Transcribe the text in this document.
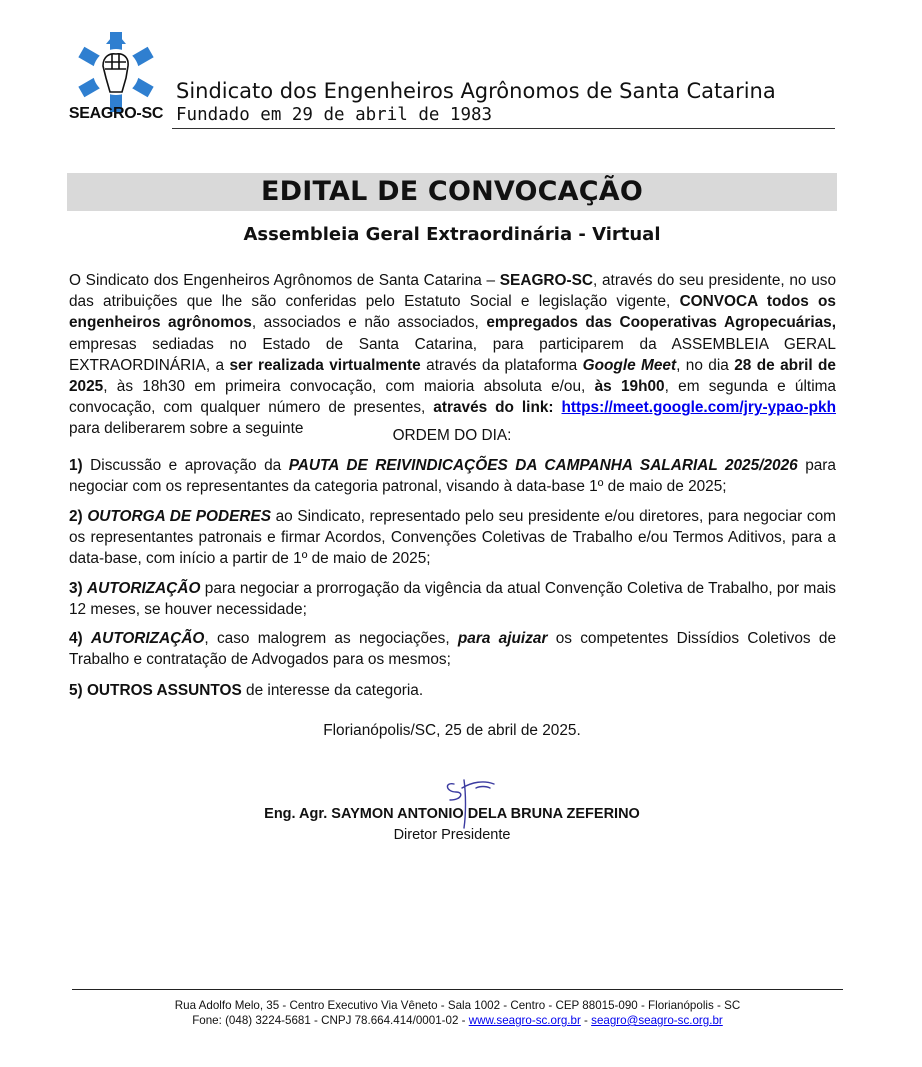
SEAGRO-SC
Sindicato dos Engenheiros Agrônomos de Santa Catarina
Fundado em 29 de abril de 1983
EDITAL DE CONVOCAÇÃO
Assembleia Geral Extraordinária - Virtual

O Sindicato dos Engenheiros Agrônomos de Santa Catarina – SEAGRO-SC, através do seu presidente, no uso das atribuições que lhe são conferidas pelo Estatuto Social e legislação vigente, CONVOCA todos os engenheiros agrônomos, associados e não associados, empregados das Cooperativas Agropecuárias, empresas sediadas no Estado de Santa Catarina, para participarem da ASSEMBLEIA GERAL EXTRAORDINÁRIA, a ser realizada virtualmente através da plataforma Google Meet, no dia 28 de abril de 2025, às 18h30 em primeira convocação, com maioria absoluta e/ou, às 19h00, em segunda e última convocação, com qualquer número de presentes, através do link: https://meet.google.com/jry-ypao-pkh para deliberarem sobre a seguinte	ORDEM DO DIA:

1) Discussão e aprovação da PAUTA DE REIVINDICAÇÕES DA CAMPANHA SALARIAL 2025/2026 para negociar com os representantes da categoria patronal, visando à data-base 1º de maio de 2025;

2) OUTORGA DE PODERES ao Sindicato, representado pelo seu presidente e/ou diretores, para negociar com os representantes patronais e firmar Acordos, Convenções Coletivas de Trabalho e/ou Termos Aditivos, para a data-base, com início a partir de 1º de maio de 2025;

3) AUTORIZAÇÃO para negociar a prorrogação da vigência da atual Convenção Coletiva de Trabalho, por mais 12 meses, se houver necessidade;

4) AUTORIZAÇÃO, caso malogrem as negociações, para ajuizar os competentes Dissídios Coletivos de Trabalho e contratação de Advogados para os mesmos;

5) OUTROS ASSUNTOS de interesse da categoria.

Florianópolis/SC, 25 de abril de 2025.
Eng. Agr. SAYMON ANTONIO DELA BRUNA ZEFERINO
Diretor Presidente
Rua Adolfo Melo, 35 - Centro Executivo Via Vêneto - Sala 1002 - Centro - CEP 88015-090 - Florianópolis - SC
Fone: (048) 3224-5681 - CNPJ 78.664.414/0001-02 - www.seagro-sc.org.br - seagro@seagro-sc.org.br
